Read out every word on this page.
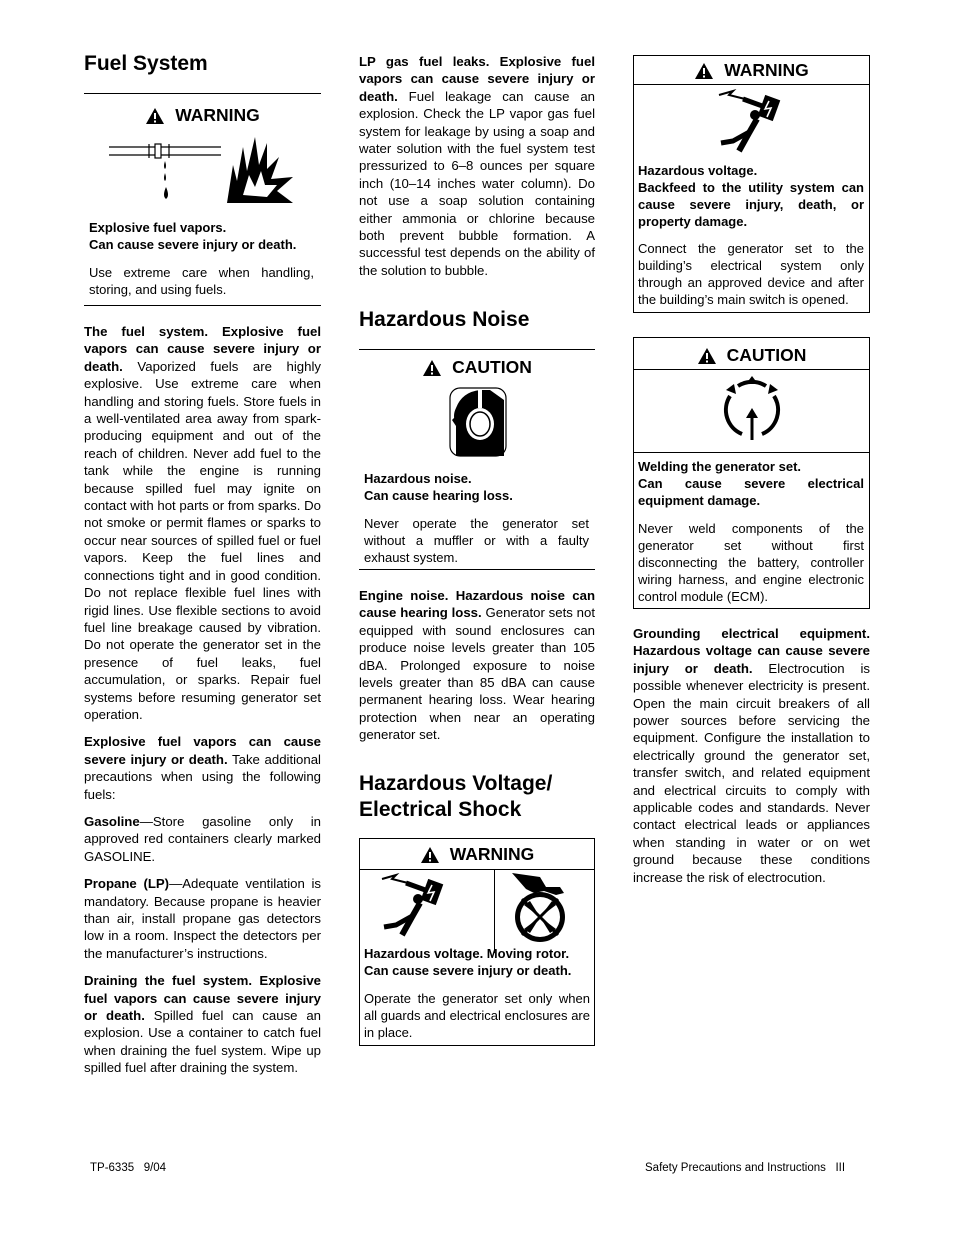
Fuel System
WARNING
Explosive fuel vapors.
Can cause severe injury or death.
Use extreme care when handling, storing, and using fuels.

The fuel system. Explosive fuel vapors can cause severe injury or death. Vaporized fuels are highly explosive. Use extreme care when handling and storing fuels. Store fuels in a well-ventilated area away from spark-producing equipment and out of the reach of children. Never add fuel to the tank while the engine is running because spilled fuel may ignite on contact with hot parts or from sparks. Do not smoke or permit flames or sparks to occur near sources of spilled fuel or fuel vapors. Keep the fuel lines and connections tight and in good condition. Do not replace flexible fuel lines with rigid lines. Use flexible sections to avoid fuel line breakage caused by vibration. Do not operate the generator set in the presence of fuel leaks, fuel accumulation, or sparks. Repair fuel systems before resuming generator set operation.

Explosive fuel vapors can cause severe injury or death. Take additional precautions when using the following fuels:

Gasoline—Store gasoline only in approved red containers clearly marked GASOLINE.

Propane (LP)—Adequate ventilation is mandatory. Because propane is heavier than air, install propane gas detectors low in a room. Inspect the detectors per the manufacturer’s instructions.

Draining the fuel system. Explosive fuel vapors can cause severe injury or death. Spilled fuel can cause an explosion. Use a container to catch fuel when draining the fuel system. Wipe up spilled fuel after draining the system.

LP gas fuel leaks. Explosive fuel vapors can cause severe injury or death. Fuel leakage can cause an explosion. Check the LP vapor gas fuel system for leakage by using a soap and water solution with the fuel system test pressurized to 6–8 ounces per square inch (10–14 inches water column). Do not use a soap solution containing either ammonia or chlorine because both prevent bubble formation. A successful test depends on the ability of the solution to bubble.

Hazardous Noise
CAUTION
Hazardous noise.
Can cause hearing loss.
Never operate the generator set without a muffler or with a faulty exhaust system.

Engine noise. Hazardous noise can cause hearing loss. Generator sets not equipped with sound enclosures can produce noise levels greater than 105 dBA. Prolonged exposure to noise levels greater than 85 dBA can cause permanent hearing loss. Wear hearing protection when near an operating generator set.

Hazardous Voltage/
Electrical Shock
WARNING
Hazardous voltage. Moving rotor.
Can cause severe injury or death.
Operate the generator set only when all guards and electrical enclosures are in place.
WARNING
Hazardous voltage.
Backfeed to the utility system can cause severe injury, death, or property damage.
Connect the generator set to the building’s electrical system only through an approved device and after the building’s main switch is opened.
CAUTION
Welding the generator set.
Can cause severe electrical equipment damage.
Never weld components of the generator set without first disconnecting the battery, controller wiring harness, and engine electronic control module (ECM).

Grounding electrical equipment. Hazardous voltage can cause severe injury or death. Electrocution is possible whenever electricity is present. Open the main circuit breakers of all power sources before servicing the equipment. Configure the installation to electrically ground the generator set, transfer switch, and related equipment and electrical circuits to comply with applicable codes and standards. Never contact electrical leads or appliances when standing in water or on wet ground because these conditions increase the risk of electrocution.

TP-6335   9/04	Safety Precautions and Instructions   III
